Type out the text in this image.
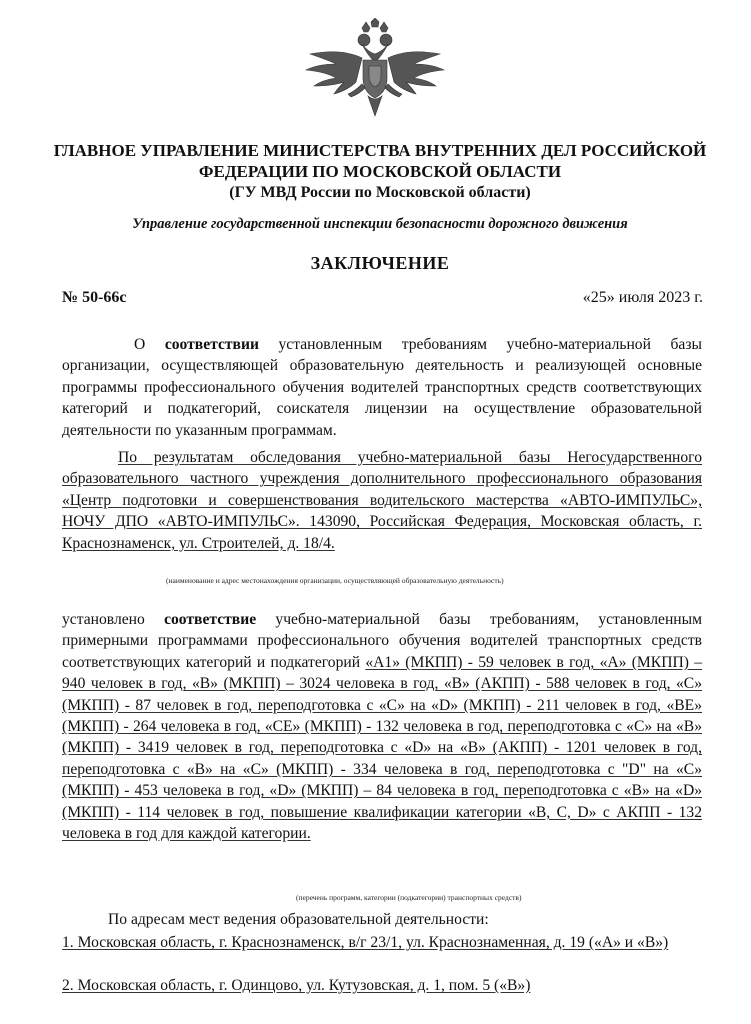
ГЛАВНОЕ УПРАВЛЕНИЕ МИНИСТЕРСТВА ВНУТРЕННИХ ДЕЛ РОССИЙСКОЙ
ФЕДЕРАЦИИ ПО МОСКОВСКОЙ ОБЛАСТИ
(ГУ МВД России по Московской области)
Управление государственной инспекции безопасности дорожного движения
ЗАКЛЮЧЕНИЕ
№ 50-66с	«25» июля 2023 г.
О соответствии установленным требованиям учебно-материальной базы организации, осуществляющей образовательную деятельность и реализующей основные программы профессионального обучения водителей транспортных средств соответствующих категорий и подкатегорий, соискателя лицензии на осуществление образовательной деятельности по указанным программам.
По результатам обследования учебно-материальной базы Негосударственного образовательного частного учреждения дополнительного профессионального образования «Центр подготовки и совершенствования водительского мастерства «АВТО-ИМПУЛЬС», НОЧУ ДПО «АВТО-ИМПУЛЬС». 143090, Российская Федерация, Московская область, г. Краснознаменск, ул. Строителей, д. 18/4.
(наименование и адрес местонахождения организации, осуществляющей образовательную деятельность)
установлено соответствие учебно-материальной базы требованиям, установленным примерными программами профессионального обучения водителей транспортных средств соответствующих категорий и подкатегорий «А1» (МКПП) - 59 человек в год, «А» (МКПП) – 940 человек в год, «В» (МКПП) – 3024 человека в год, «В» (АКПП) - 588 человек в год, «С» (МКПП) - 87 человек в год, переподготовка с «С» на «D» (МКПП) - 211 человек в год, «ВЕ» (МКПП) - 264 человека в год, «СЕ» (МКПП) - 132 человека в год, переподготовка с «С» на «В» (МКПП) - 3419 человек в год, переподготовка с «D» на «В» (АКПП) - 1201 человек в год, переподготовка с «В» на «С» (МКПП) - 334 человека в год, переподготовка с "D" на «С» (МКПП) - 453 человека в год, «D» (МКПП) – 84 человека в год, переподготовка с «В» на «D» (МКПП) - 114 человек в год, повышение квалификации категории «В, С, D» с АКПП - 132 человека в год для каждой категории.
(перечень программ, категории (подкатегории) транспортных средств)
По адресам мест ведения образовательной деятельности:
1. Московская область, г. Краснознаменск, в/г 23/1, ул. Краснознаменная, д. 19 («А» и «В»)
2. Московская область, г. Одинцово, ул. Кутузовская, д. 1, пом. 5 («В»)
